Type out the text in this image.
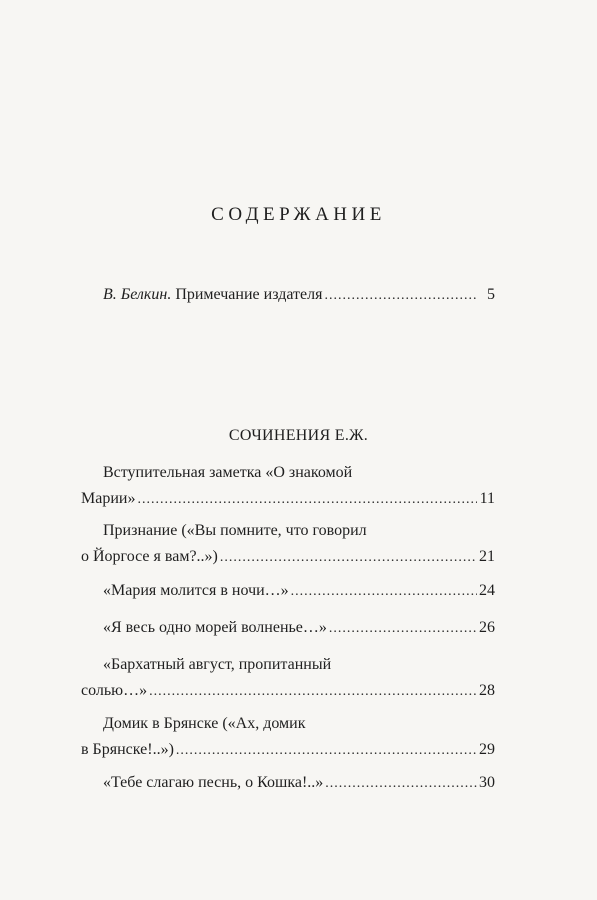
СОДЕРЖАНИЕ
В. Белкин. Примечание издателя .....	5
СОЧИНЕНИЯ Е.Ж.
Вступительная заметка «О знакомой
Марии» .....	11
Признание («Вы помните, что говорил
о Йоргосе я вам?..») .....	21
«Мария молится в ночи…» .....	24
«Я весь одно морей волненье…» .....	26
«Бархатный август, пропитанный
солью…» .....	28
Домик в Брянске («Ах, домик
в Брянске!..») .....	29
«Тебе слагаю песнь, о Кошка!..» .....	30
